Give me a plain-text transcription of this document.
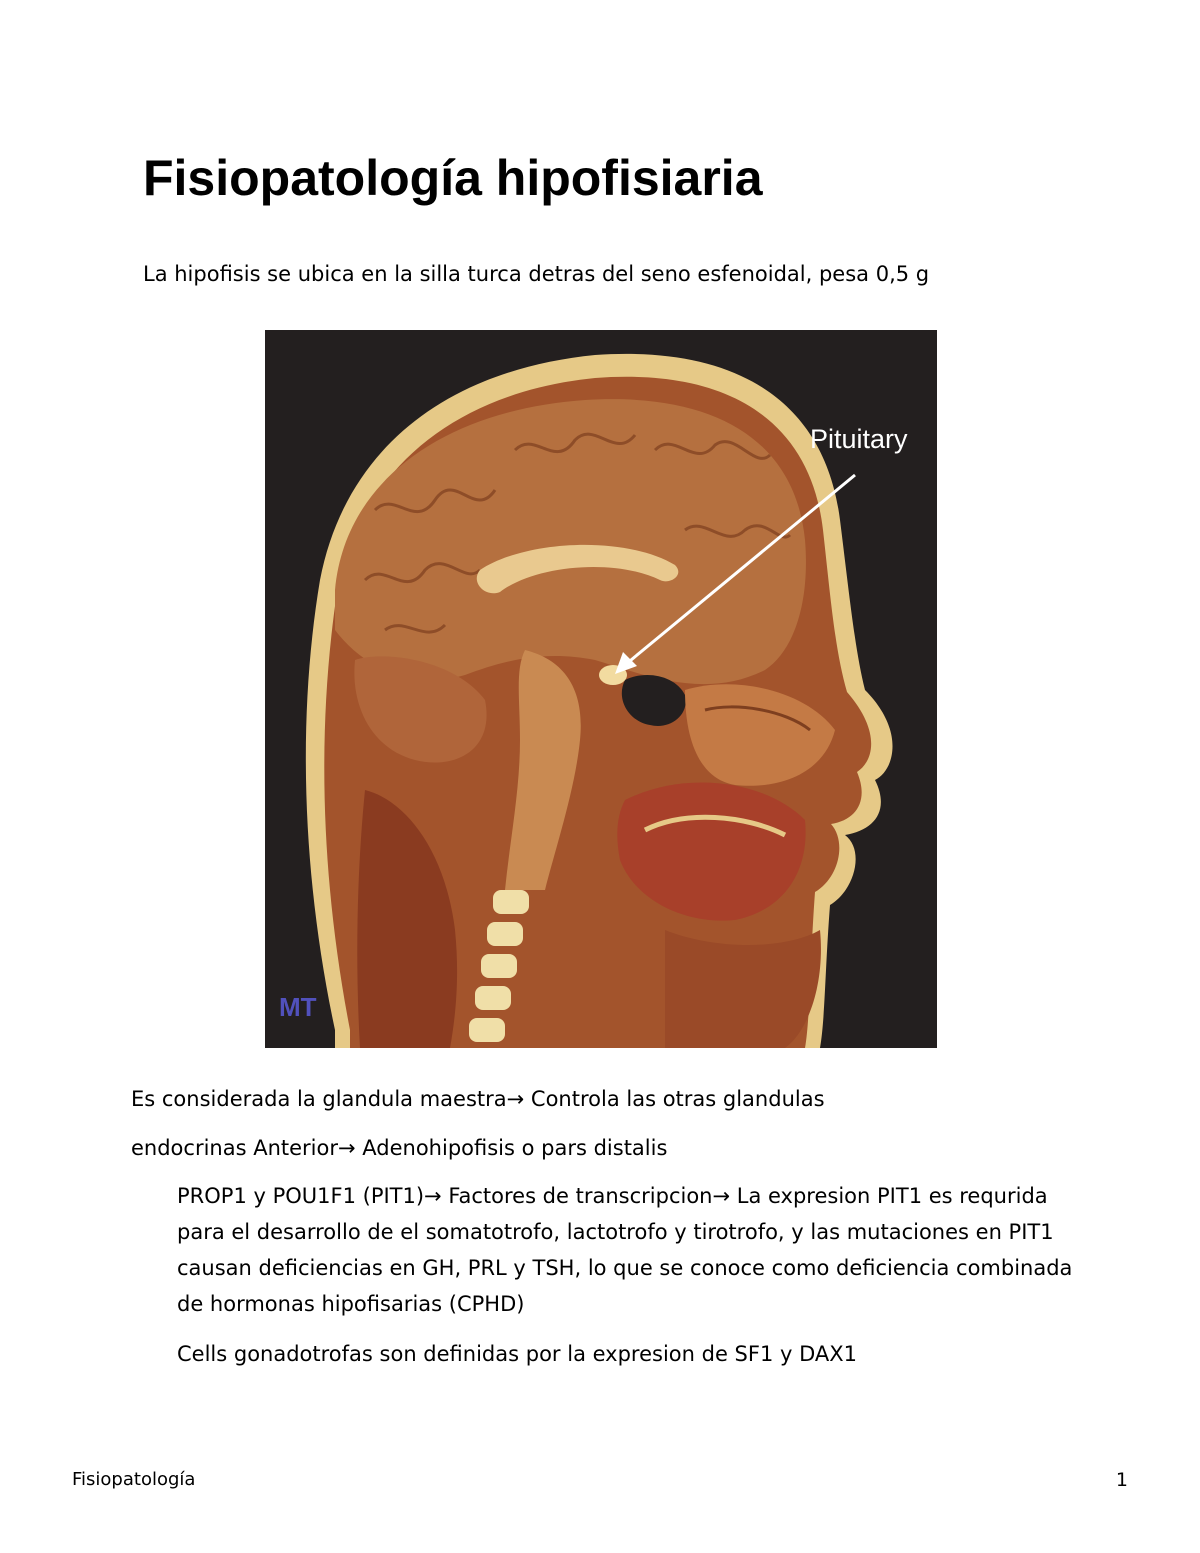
Fisiopatología hipofisiaria
La hipofisis se ubica en la silla turca detras del seno esfenoidal, pesa 0,5 g
Pituitary
MT
Es considerada la glandula maestra→ Controla las otras glandulas
endocrinas Anterior→ Adenohipofisis o pars distalis
PROP1 y POU1F1 (PIT1)→ Factores de transcripcion→ La expresion PIT1 es requrida para el desarrollo de el somatotrofo, lactotrofo y tirotrofo, y las mutaciones en PIT1 causan deficiencias en GH, PRL y TSH, lo que se conoce como deficiencia combinada de hormonas hipofisarias (CPHD)
Cells gonadotrofas son definidas por la expresion de SF1 y DAX1
Fisiopatología	1
